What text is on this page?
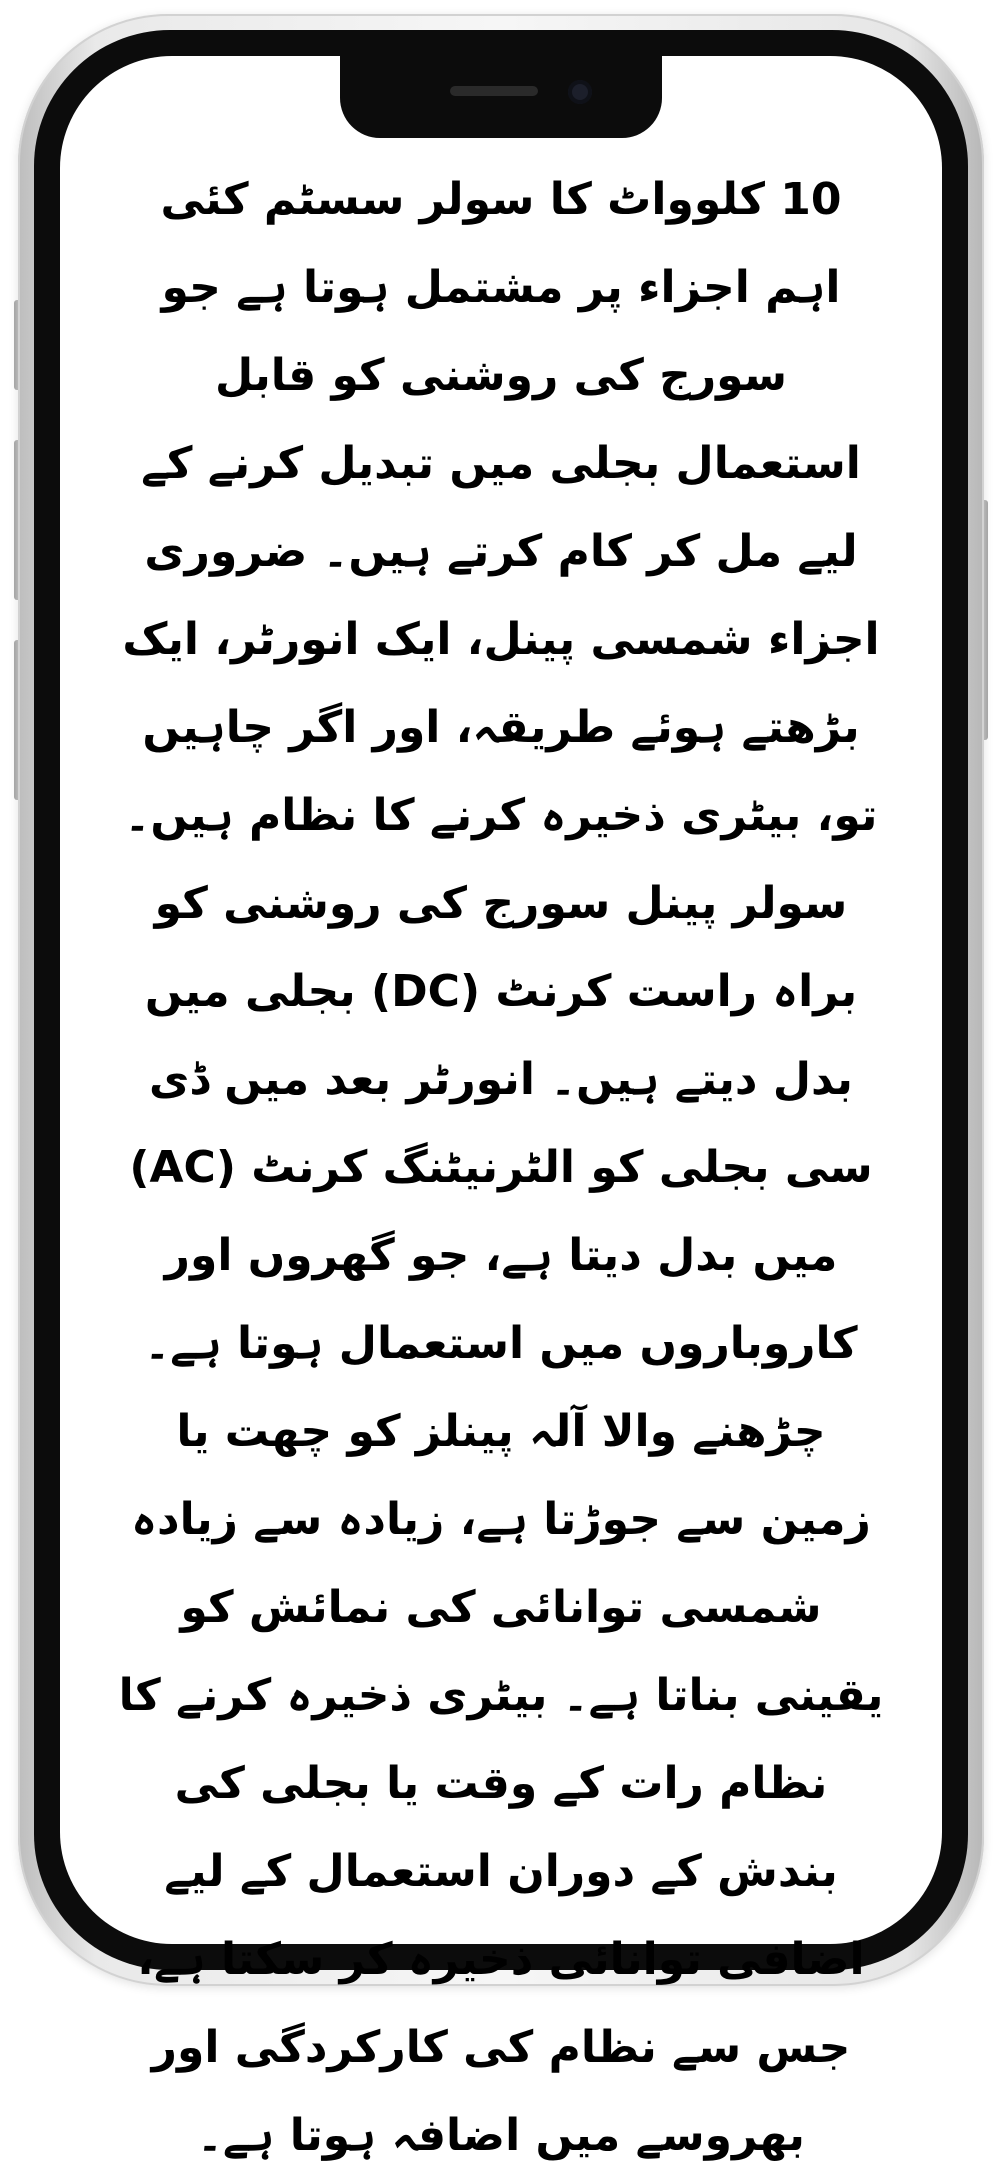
10 کلوواٹ کا سولر سسٹم کئی اہم اجزاء پر مشتمل ہوتا ہے جو سورج کی روشنی کو قابل استعمال بجلی میں تبدیل کرنے کے لیے مل کر کام کرتے ہیں۔ ضروری اجزاء شمسی پینل، ایک انورٹر، ایک بڑھتے ہوئے طریقہ، اور اگر چاہیں تو، بیٹری ذخیرہ کرنے کا نظام ہیں۔ سولر پینل سورج کی روشنی کو براہ راست کرنٹ (DC) بجلی میں بدل دیتے ہیں۔ انورٹر بعد میں ڈی سی بجلی کو الٹرنیٹنگ کرنٹ (AC) میں بدل دیتا ہے، جو گھروں اور کاروباروں میں استعمال ہوتا ہے۔ چڑھنے والا آلہ پینلز کو چھت یا زمین سے جوڑتا ہے، زیادہ سے زیادہ شمسی توانائی کی نمائش کو یقینی بناتا ہے۔ بیٹری ذخیرہ کرنے کا نظام رات کے وقت یا بجلی کی بندش کے دوران استعمال کے لیے اضافی توانائی ذخیرہ کر سکتا ہے، جس سے نظام کی کارکردگی اور بھروسے میں اضافہ ہوتا ہے۔
